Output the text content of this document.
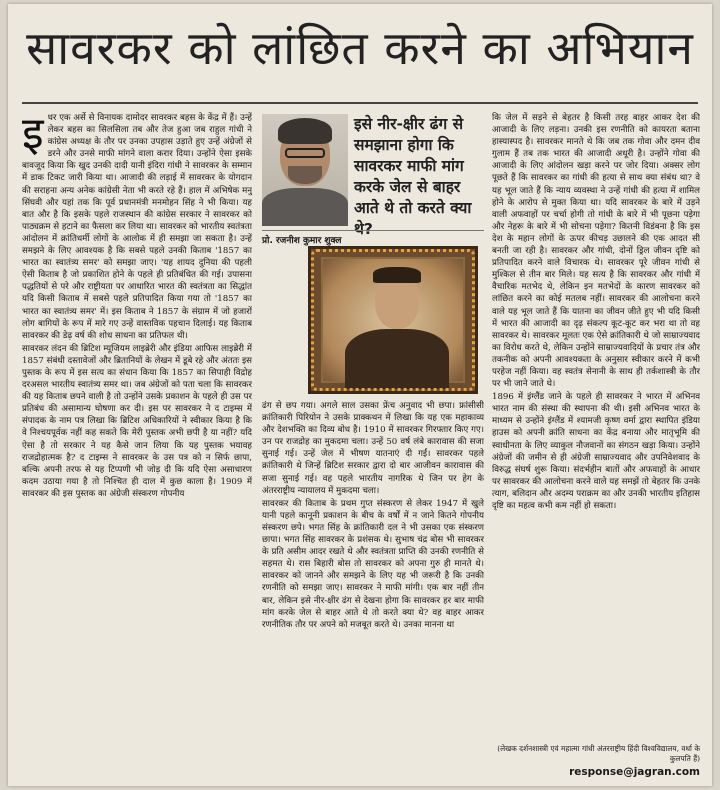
सावरकर को लांछित करने का अभियान

इधर एक अर्से से विनायक दामोदर सावरकर बहस के केंद्र में हैं। उन्हें लेकर बहस का सिलसिला तब और तेज हुआ जब राहुल गांधी ने कांग्रेस अध्यक्ष के तौर पर उनका उपहास उड़ाते हुए उन्हें अंग्रेजों से डरने और उनसे माफी मांगने वाला करार दिया। उन्होंने ऐसा इसके बावजूद किया कि खुद उनकी दादी यानी इंदिरा गांधी ने सावरकर के सम्मान में डाक टिकट जारी किया था। आजादी की लड़ाई में सावरकर के योगदान की सराहना अन्य अनेक कांग्रेसी नेता भी करते रहे हैं। हाल में अभिषेक मनु सिंघवी और यहां तक कि पूर्व प्रधानमंत्री मनमोहन सिंह ने भी किया। यह बात और है कि इसके पहले राजस्थान की कांग्रेस सरकार ने सावरकर को पाठ्यक्रम से हटाने का फैसला कर लिया था। सावरकर को भारतीय स्वतंत्रता आंदोलन में क्रांतिधर्मी लोगों के आलोक में ही समझा जा सकता है। उन्हें समझने के लिए आवश्यक है कि सबसे पहले उनकी किताब '1857 का भारत का स्वातंत्र्य समर' को समझा जाए। 'यह शायद दुनिया की पहली ऐसी किताब है जो प्रकाशित होने के पहले ही प्रतिबंधित की गई। उपासना पद्धतियों से परे और राष्ट्रीयता पर आधारित भारत की स्वतंत्रता का सिद्धांत यदि किसी किताब में सबसे पहले प्रतिपादित किया गया तो '1857 का भारत का स्वातंत्र्य समर' में। इस किताब ने 1857 के संग्राम में जो हजारों लोग बागियों के रूप में मारे गए उन्हें वास्तविक पहचान दिलाई। यह किताब सावरकर की डेढ़ वर्ष की शोध साधना का प्रतिफल थी।

सावरकर लंदन की ब्रिटिश म्यूजियम लाइब्रेरी और इंडिया आफिस लाइब्रेरी में 1857 संबंधी दस्तावेजों और ब्रितानियों के लेखन में डूबे रहे और अंततः इस पुस्तक के रूप में इस सत्य का संधान किया कि 1857 का सिपाही विद्रोह दरअसल भारतीय स्वातंत्र्य समर था। जब अंग्रेजों को पता चला कि सावरकर की यह किताब छपने वाली है तो उन्होंने उसके प्रकाशन के पहले ही उस पर प्रतिबंध की असामान्य घोषणा कर दी। इस पर सावरकर ने द टाइम्स में संपादक के नाम पत्र लिखा कि ब्रिटिश अधिकारियों ने स्वीकार किया है कि वे निश्चयपूर्वक नहीं कह सकते कि मेरी पुस्तक अभी छपी है या नहीं? यदि ऐसा है तो सरकार ने यह कैसे जान लिया कि यह पुस्तक भयावह राजद्रोहात्मक है? द टाइम्स ने सावरकर के उस पत्र को न सिर्फ छापा, बल्कि अपनी तरफ से यह टिप्पणी भी जोड़ दी कि यदि ऐसा असाधारण कदम उठाया गया है तो निश्चित ही दाल में कुछ काला है। 1909 में सावरकर की इस पुस्तक का अंग्रेजी संस्करण गोपनीय

इसे नीर-क्षीर ढंग से समझाना होगा कि सावरकर माफी मांग करके जेल से बाहर आते थे तो करते क्या थे?
प्रो. रजनीश कुमार शुक्ल

ढंग से छप गया। अगले साल उसका फ्रेंच अनुवाद भी छपा। फ्रांसीसी क्रांतिकारी पिरियोन ने उसके प्राक्कथन में लिखा कि यह एक महाकाव्य और देशभक्ति का दिव्य बोध है। 1910 में सावरकर गिरफ्तार किए गए। उन पर राजद्रोह का मुकदमा चला। उन्हें 50 वर्ष लंबे कारावास की सजा सुनाई गई। उन्हें जेल में भीषण यातनाएं दी गईं। सावरकर पहले क्रांतिकारी थे जिन्हें ब्रिटिश सरकार द्वारा दो बार आजीवन कारावास की सजा सुनाई गई। वह पहले भारतीय नागरिक थे जिन पर हेग के अंतरराष्ट्रीय न्यायालय में मुकदमा चला।

सावरकर की किताब के प्रथम गुप्त संस्करण से लेकर 1947 में खुले यानी पहले कानूनी प्रकाशन के बीच के वर्षों में न जाने कितने गोपनीय संस्करण छपे। भगत सिंह के क्रांतिकारी दल ने भी उसका एक संस्करण छापा। भगत सिंह सावरकर के प्रशंसक थे। सुभाष चंद्र बोस भी सावरकर के प्रति असीम आदर रखते थे और स्वतंत्रता प्राप्ति की उनकी रणनीति से सहमत थे। रास बिहारी बोस तो सावरकर को अपना गुरु ही मानते थे। सावरकर को जानने और समझने के लिए यह भी जरूरी है कि उनकी रणनीति को समझा जाए। सावरकर ने माफी मांगी। एक बार नहीं तीन बार, लेकिन इसे नीर-क्षीर ढंग से देखना होगा कि सावरकर हर बार माफी मांग करके जेल से बाहर आते थे तो करते क्या थे? वह बाहर आकर रणनीतिक तौर पर अपने को मजबूत करते थे। उनका मानना था

कि जेल में सड़ने से बेहतर है किसी तरह बाहर आकर देश की आजादी के लिए लड़ना। उनकी इस रणनीति को कायरता बताना हास्यास्पद है। सावरकर मानते थे कि जब तक गोवा और दमन दीव गुलाम हैं तब तक भारत की आजादी अधूरी है। उन्होंने गोवा की आजादी के लिए आंदोलन खड़ा करने पर जोर दिया। अक्सर लोग पूछते हैं कि सावरकर का गांधी की हत्या से साथ क्या संबंध था? वे यह भूल जाते हैं कि न्याय व्यवस्था ने उन्हें गांधी की हत्या में शामिल होने के आरोप से मुक्त किया था। यदि सावरकर के बारे में उड़ने वाली अफवाहों पर चर्चा होगी तो गांधी के बारे में भी पूछना पड़ेगा और नेहरू के बारे में भी सोचना पड़ेगा? कितनी विडंबना है कि इस देश के महान लोगों के ऊपर कीचड़ उछालने की एक आदत सी बनती जा रही है। सावरकर और गांधी, दोनों ड्रिल जीवन दृष्टि को प्रतिपादित करने वाले विचारक थे। सावरकर पूरे जीवन गांधी से मुश्किल से तीन बार मिले। यह सत्य है कि सावरकर और गांधी में वैचारिक मतभेद थे, लेकिन इन मतभेदों के कारण सावरकर को लांछित करने का कोई मतलब नहीं। सावरकर की आलोचना करने वाले यह भूल जाते हैं कि यातना का जीवन जीते हुए भी यदि किसी में भारत की आजादी का दृढ़ संकल्प कूट-कूट कर भरा था तो वह सावरकर थे। सावरकर मूलतः एक ऐसे क्रांतिकारी थे जो साम्राज्यवाद का विरोध करते थे, लेकिन उन्होंने साम्राज्यवादियों के प्रचार तंत्र और तकनीक को अपनी आवश्यकता के अनुसार स्वीकार करने में कभी परहेज नहीं किया। वह स्वतंत्र सेनानी के साथ ही तर्कशास्त्री के तौर पर भी जाने जाते थे।

1896 में इंग्लैंड जाने के पहले ही सावरकर ने भारत में अभिनव भारत नाम की संस्था की स्थापना की थी। इसी अभिनव भारत के माध्यम से उन्होंने इंग्लैंड में श्यामजी कृष्ण वर्मा द्वारा स्थापित इंडिया हाउस को अपनी क्रांति साधना का केंद्र बनाया और मातृभूमि की स्वाधीनता के लिए व्याकुल नौजवानों का संगठन खड़ा किया। उन्होंने अंग्रेजों की जमीन से ही अंग्रेजी साम्राज्यवाद और उपनिवेशवाद के विरुद्ध संघर्ष शुरू किया। संदर्भहीन बातों और अफवाहों के आधार पर सावरकर की आलोचना करने वाले यह समझें तो बेहतर कि उनके त्याग, बलिदान और अदम्य पराक्रम का और उनकी भारतीय इतिहास दृष्टि का महत्व कभी कम नहीं हो सकता।

(लेखक दर्शनशास्त्री एवं महात्मा गांधी अंतरराष्ट्रीय हिंदी विश्वविद्यालय, वर्धा के कुलपति हैं)
response@jagran.com
